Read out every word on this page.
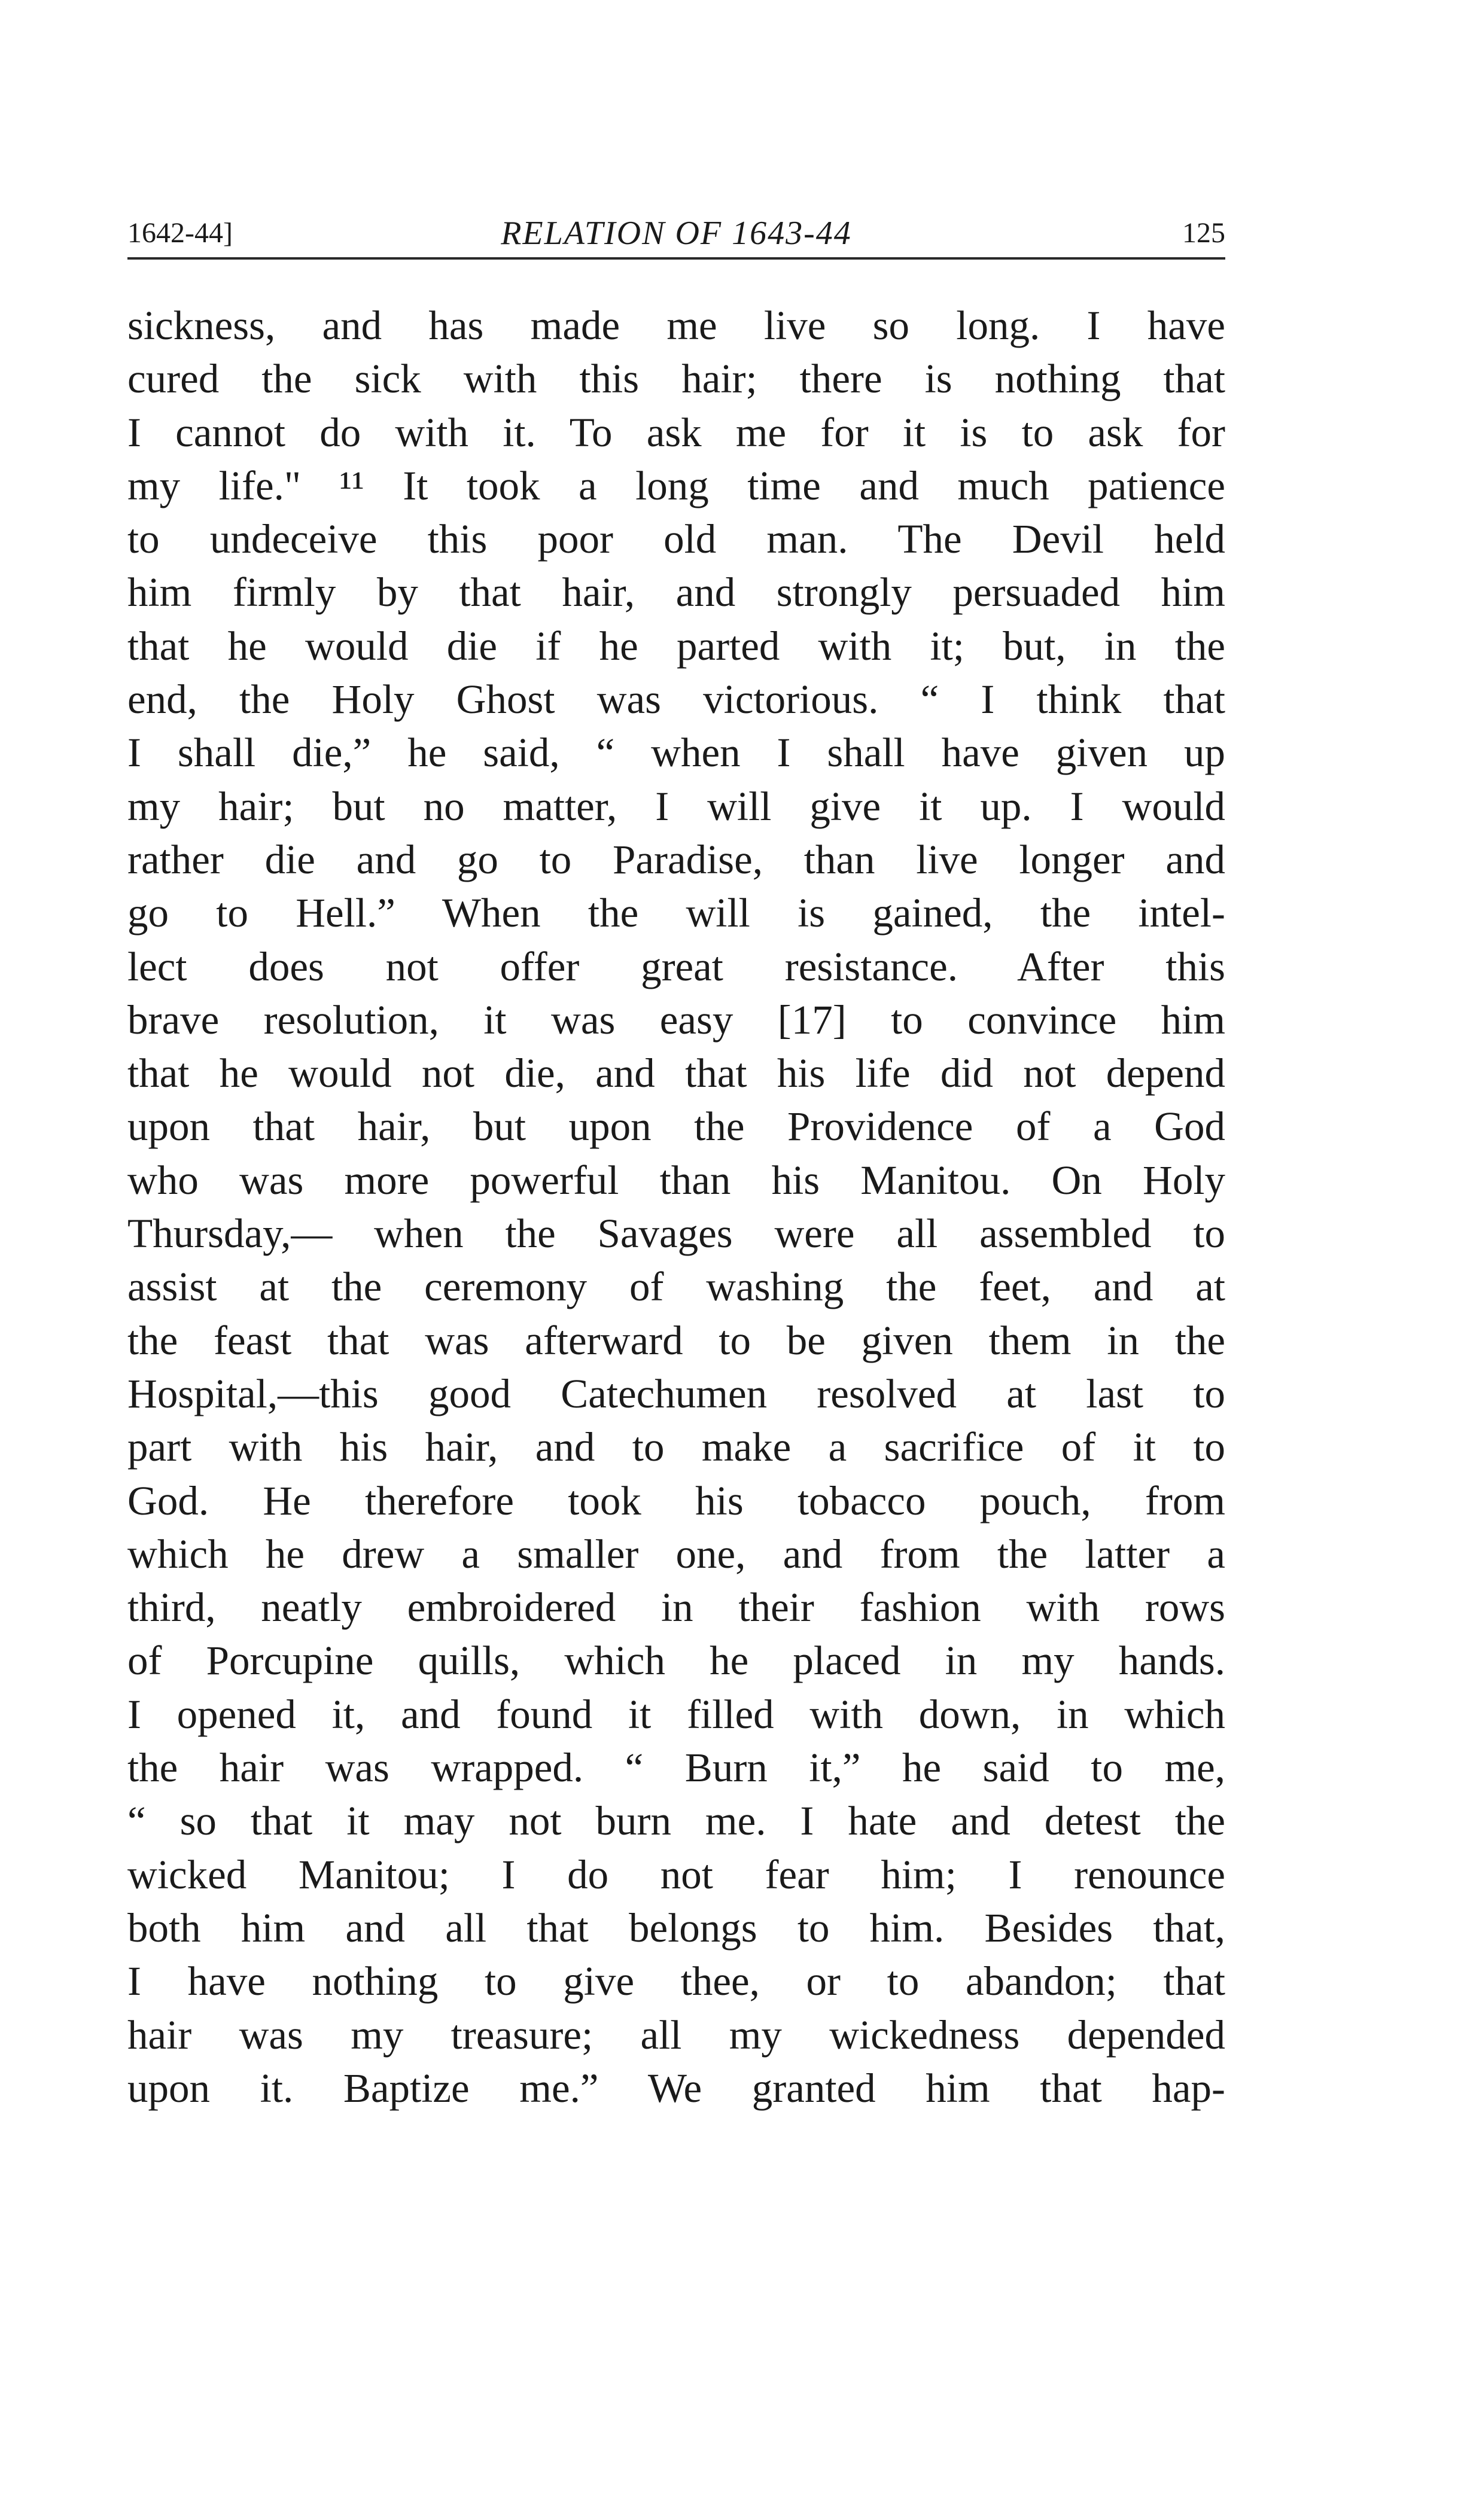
1642-44]	RELATION OF 1643-44	125
sickness, and has made me live so long. I have
cured the sick with this hair; there is nothing that
I cannot do with it. To ask me for it is to ask for
my life." ¹¹ It took a long time and much patience
to undeceive this poor old man. The Devil held
him firmly by that hair, and strongly persuaded him
that he would die if he parted with it; but, in the
end, the Holy Ghost was victorious. “ I think that
I shall die,” he said, “ when I shall have given up
my hair; but no matter, I will give it up. I would
rather die and go to Paradise, than live longer and
go to Hell.” When the will is gained, the intel-
lect does not offer great resistance. After this
brave resolution, it was easy [17] to convince him
that he would not die, and that his life did not depend
upon that hair, but upon the Providence of a God
who was more powerful than his Manitou. On Holy
Thursday,— when the Savages were all assembled to
assist at the ceremony of washing the feet, and at
the feast that was afterward to be given them in the
Hospital,—this good Catechumen resolved at last to
part with his hair, and to make a sacrifice of it to
God. He therefore took his tobacco pouch, from
which he drew a smaller one, and from the latter a
third, neatly embroidered in their fashion with rows
of Porcupine quills, which he placed in my hands.
I opened it, and found it filled with down, in which
the hair was wrapped. “ Burn it,” he said to me,
“ so that it may not burn me. I hate and detest the
wicked Manitou; I do not fear him; I renounce
both him and all that belongs to him. Besides that,
I have nothing to give thee, or to abandon; that
hair was my treasure; all my wickedness depended
upon it. Baptize me.” We granted him that hap-
